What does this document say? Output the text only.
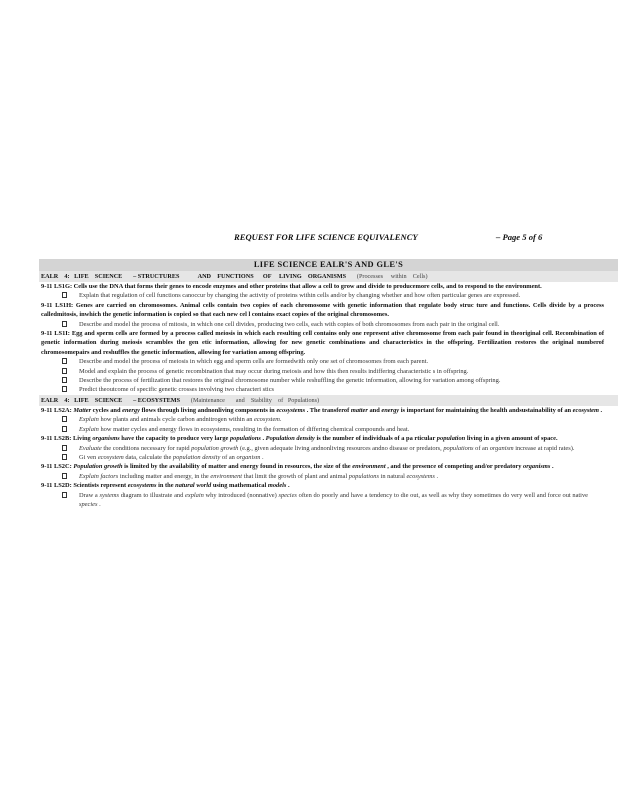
REQUEST FOR LIFE SCIENCE EQUIVALENCY	– Page 5 of 6
LIFE SCIENCE EALR'S AND GLE'S
EALR    4:   LIFE    SCIENCE       – STRUCTURES            AND    FUNCTIONS      OF     LIVING    ORGANISMS       (Processes     within    Cells)
9-11 LS1G: Cells use the DNA that forms their genes to encode enzymes and other proteins that allow a cell to grow and divide to producemore cells, and to respond to the environment.
Explain that regulation of cell functions canoccur by changing the activity of proteins within cells and/or by changing whether and how often particular genes are expressed.
9-11 LS1H: Genes are carried on chromosomes. Animal cells contain two copies of each chromosome with genetic information that regulate body struc ture and functions. Cells divide by a process calledmitosis, inwhich the genetic information is copied so that each new cel l contains exact copies of the original chromosomes.
Describe and model the process of mitosis, in which one cell divides, producing two cells, each with copies of both chromosomes from each pair in the original cell.
9-11 LS1I: Egg and sperm cells are formed by a process called meiosis in which each resulting cell contains only one represent ative chromosome from each pair found in theoriginal cell. Recombination of genetic information during meiosis scrambles the gen etic information, allowing for new genetic combinations and characteristics in the offspring. Fertilization restores the original numberof chromosomepairs and reshuffles the genetic information, allowing for variation among offspring.
Describe and model the process of meiosis in which egg and sperm cells are formedwith only one set of chromosomes from each parent.
Model and explain the process of genetic recombination that may occur during meiosis and how this then results indiffering characteristic s in offspring.
Describe the process of fertilization that restores the original chromosome number while reshuffling the genetic information, allowing for variation among offspring.
Predict theoutcome of specific genetic crosses involving two characteri stics
EALR    4:   LIFE    SCIENCE       – ECOSYSTEMS       (Maintenance       and    Stability    of   Populations)
9-11 LS2A: Matter cycles and energy flows through living andnonliving components in ecosystems . The transferof matter and energy is important for maintaining the health andsustainability of an ecosystem .
Explain how plants and animals cycle carbon andnitrogen within an ecosystem.
Explain how matter cycles and energy flows in ecosystems, resulting in the formation of differing chemical compounds and heat.
9-11 LS2B: Living organisms have the capacity to produce very large populations . Population density is the number of individuals of a pa rticular population living in a given amount of space.
Evaluate the conditions necessary for rapid population growth (e.g., given adequate living andnonliving resources andno disease or predators, populations of an organism increase at rapid rates).
Gi ven ecosystem data, calculate the population density of an organism .
9-11 LS2C: Population growth is limited by the availability of matter and energy found in resources, the size of the environment , and the presence of competing and/or predatory organisms .
Explain factors including matter and energy, in the environment that limit the growth of plant and animal populations in natural ecosystems .
9-11 LS2D: Scientists represent ecosystems in the natural world using mathematical models .
Draw a systems diagram to illustrate and explain why introduced (nonnative) species often do poorly and have a tendency to die out, as well as why they sometimes do very well and force out native species .
